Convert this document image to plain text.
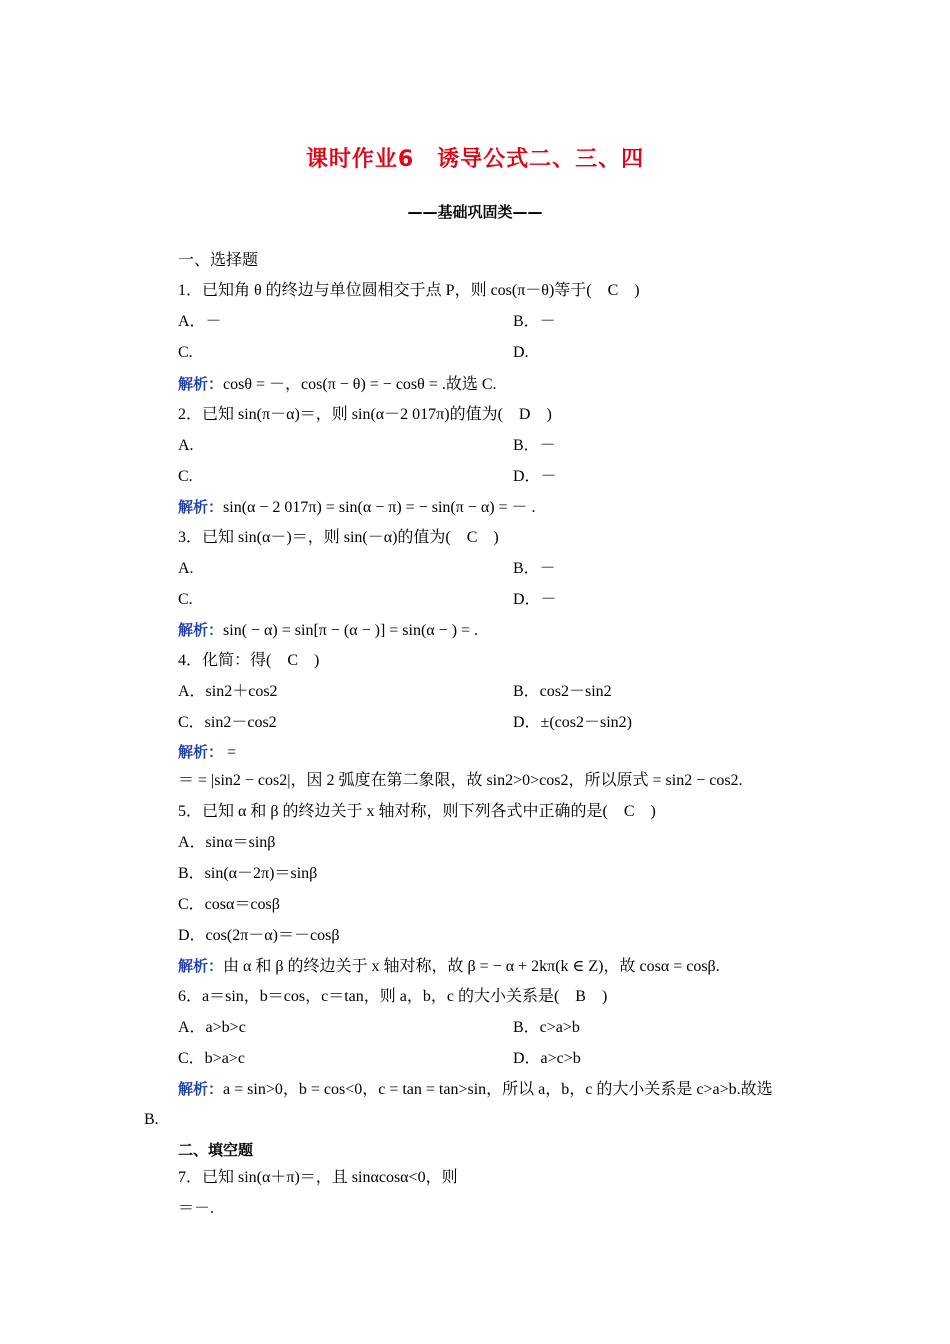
课时作业6　诱导公式二、三、四
——基础巩固类——
一、选择题
1．已知角 θ 的终边与单位圆相交于点 P，则 cos(π－θ)等于(　C　)
A．－	B．－
C.	D.
解析：cosθ = －，cos(π − θ) = − cosθ = .故选 C.
2．已知 sin(π－α)＝，则 sin(α－2 017π)的值为(　D　)
A.	B．－
C.	D．－
解析：sin(α − 2 017π) = sin(α − π) = − sin(π − α) = － .
3．已知 sin(α－)＝，则 sin(－α)的值为(　C　)
A.	B．－
C.	D．－
解析：sin( − α) = sin[π − (α − )] = sin(α − ) = .
4．化简：得(　C　)
A．sin2＋cos2	B．cos2－sin2
C．sin2－cos2	D．±(cos2－sin2)
解析： =
＝ = |sin2 − cos2|，因 2 弧度在第二象限，故 sin2>0>cos2，所以原式 = sin2 − cos2.
5．已知 α 和 β 的终边关于 x 轴对称，则下列各式中正确的是(　C　)
A．sinα＝sinβ
B．sin(α－2π)＝sinβ
C．cosα＝cosβ
D．cos(2π－α)＝－cosβ
解析：由 α 和 β 的终边关于 x 轴对称，故 β = − α + 2kπ(k ∈ Z)，故 cosα = cosβ.
6．a＝sin，b＝cos，c＝tan，则 a，b，c 的大小关系是(　B　)
A．a>b>c	B．c>a>b
C．b>a>c	D．a>c>b
解析：a = sin>0，b = cos<0，c = tan = tan>sin，所以 a，b，c 的大小关系是 c>a>b.故选
B.
二、填空题
7．已知 sin(α＋π)＝，且 sinαcosα<0，则
＝－.
